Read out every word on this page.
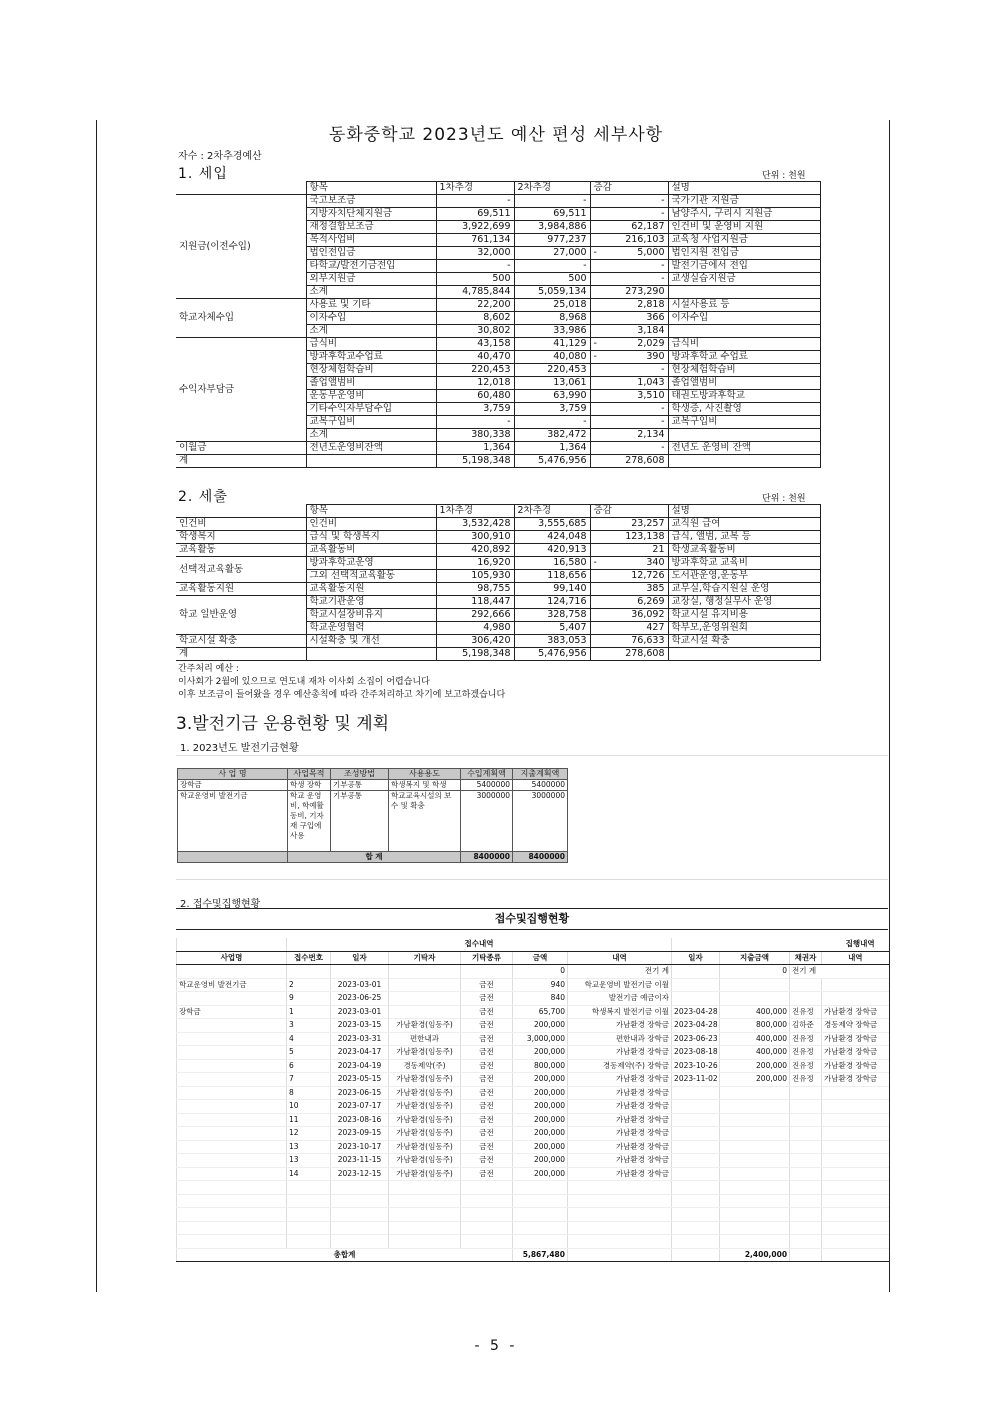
동화중학교 2023년도 예산 편성 세부사항
자수 : 2차추경예산
1. 세입	단위 : 천원
	항목	1차추경	2차추경	증감	설명
지원금(이전수입)	국고보조금	-	-	-	국가기관 지원금
	지방자치단체지원금	69,511	69,511	-	남양주시, 구리시 지원금
	재정결합보조금	3,922,699	3,984,886	62,187	인건비 및 운영비 지원
	목적사업비	761,134	977,237	216,103	교육청 사업지원금
	법인전입금	32,000	27,000	- 5,000	법인지원 전입금
	타학교/발전기금전입	-	-	-	발전기금에서 전입
	외부지원금	500	500	-	교생실습지원금
	소계	4,785,844	5,059,134	273,290	
학교자체수입	사용료 및 기타	22,200	25,018	2,818	시설사용료 등
	이자수입	8,602	8,968	366	이자수입
	소계	30,802	33,986	3,184	
수익자부담금	급식비	43,158	41,129	- 2,029	급식비
	방과후학교수업료	40,470	40,080	- 390	방과후학교 수업료
	현장체험학습비	220,453	220,453	-	현장체험학습비
	졸업앨범비	12,018	13,061	1,043	졸업앨범비
	운동부운영비	60,480	63,990	3,510	태권도방과후학교
	기타수익자부담수입	3,759	3,759	-	학생증, 사진촬영
	교복구입비	-	-	-	교복구입비
	소계	380,338	382,472	2,134	
이월금	전년도운영비잔액	1,364	1,364	-	전년도 운영비 잔액
계		5,198,348	5,476,956	278,608	
2. 세출	단위 : 천원
	항목	1차추경	2차추경	증감	설명
인건비	인건비	3,532,428	3,555,685	23,257	교직원 급여
학생복지	급식 및 학생복지	300,910	424,048	123,138	급식, 앨범, 교복 등
교육활동	교육활동비	420,892	420,913	21	학생교육활동비
선택적교육활동	방과후학교운영	16,920	16,580	- 340	방과후학교 교육비
	그외 선택적교육활동	105,930	118,656	12,726	도서관운영,운동부
교육활동지원	교육활동지원	98,755	99,140	385	교무실,학습지원실 운영
학교 일반운영	학교기관운영	118,447	124,716	6,269	교장실, 행정실무사 운영
	학교시설장비유지	292,666	328,758	36,092	학교시설 유지비용
	학교운영협력	4,980	5,407	427	학부모,운영위원회
학교시설 확충	시설확충 및 개선	306,420	383,053	76,633	학교시설 확충
계		5,198,348	5,476,956	278,608	
간주처리 예산 :
이사회가 2월에 있으므로 연도내 재차 이사회 소집이 어렵습니다
이후 보조금이 들어왔을 경우 예산총칙에 따라 간주처리하고 차기에 보고하겠습니다
3.발전기금 운용현황 및 계획
1. 2023년도 발전기금현황
사 업 명	사업목적	조성방법	사용용도	수입계획액	지출계획액
장학금	학생 장학	기부공통	학생복지 및 학생	5400000	5400000
학교운영비 발전기금	학교 운영비, 학예활동비, 기자재 구입에 사용	기부공통	학교교육시설의 보수 및 확충	3000000	3000000
	합 계			8400000	8400000
2. 접수및집행현황
접수및집행현황
	접수내역						집행내역			
사업명	접수번호	일자	기탁자	기탁종류	금액	내역	일자	지출금액	채권자	내역
					0	전기 계		0	전기 계	
학교운영비 발전기금	2	2023-03-01		금전	940	학교운영비 발전기금 이월				
	9	2023-06-25		금전	840	발전기금 예금이자				
장학금	1	2023-03-01		금전	65,700	학생복지 발전기금 이월	2023-04-28	400,000	진유정	가남환경 장학금
	3	2023-03-15	가남환경(임동주)	금전	200,000	가남환경 장학금	2023-04-28	800,000	김하준	경동제약 장학금
	4	2023-03-31	편한내과	금전	3,000,000	편한내과 장학금	2023-06-23	400,000	진유정	가남환경 장학금
	5	2023-04-17	가남환경(임동주)	금전	200,000	가남환경 장학금	2023-08-18	400,000	진유정	가남환경 장학금
	6	2023-04-19	경동제약(주)	금전	800,000	경동제약(주) 장학금	2023-10-26	200,000	진유정	가남환경 장학금
	7	2023-05-15	가남환경(임동주)	금전	200,000	가남환경 장학금	2023-11-02	200,000	진유정	가남환경 장학금
	8	2023-06-15	가남환경(임동주)	금전	200,000	가남환경 장학금				
	10	2023-07-17	가남환경(임동주)	금전	200,000	가남환경 장학금				
	11	2023-08-16	가남환경(임동주)	금전	200,000	가남환경 장학금				
	12	2023-09-15	가남환경(임동주)	금전	200,000	가남환경 장학금				
	13	2023-10-17	가남환경(임동주)	금전	200,000	가남환경 장학금				
	13	2023-11-15	가남환경(임동주)	금전	200,000	가남환경 장학금				
	14	2023-12-15	가남환경(임동주)	금전	200,000	가남환경 장학금				

총합계					5,867,480			2,400,000		
- 5 -
